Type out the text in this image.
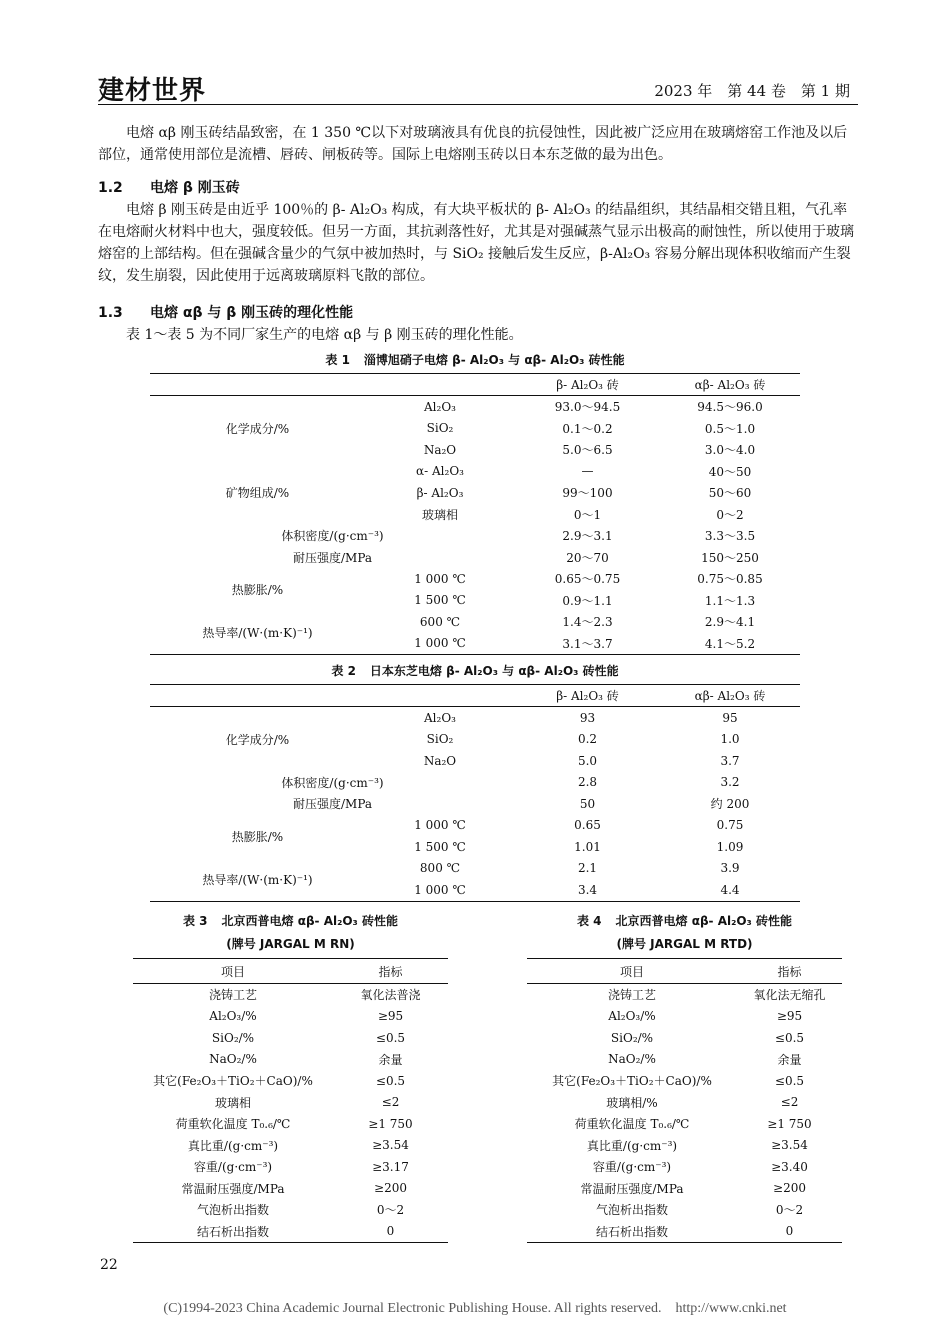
建材世界	2023 年　第 44 卷　第 1 期
电熔 αβ 刚玉砖结晶致密，在 1 350 ℃以下对玻璃液具有优良的抗侵蚀性，因此被广泛应用在玻璃熔窑工作池及以后部位，通常使用部位是流槽、唇砖、闸板砖等。国际上电熔刚玉砖以日本东芝做的最为出色。
1.2 电熔 β 刚玉砖
电熔 β 刚玉砖是由近乎 100％的 β- Al₂O₃ 构成，有大块平板状的 β- Al₂O₃ 的结晶组织，其结晶相交错且粗，气孔率在电熔耐火材料中也大，强度较低。但另一方面，其抗剥落性好，尤其是对强碱蒸气显示出极高的耐蚀性，所以使用于玻璃熔窑的上部结构。但在强碱含量少的气氛中被加热时，与 SiO₂ 接触后发生反应，β-Al₂O₃ 容易分解出现体积收缩而产生裂纹，发生崩裂，因此使用于远离玻璃原料飞散的部位。
1.3 电熔 αβ 与 β 刚玉砖的理化性能
表 1～表 5 为不同厂家生产的电熔 αβ 与 β 刚玉砖的理化性能。
表 1 淄博旭硝子电熔 β- Al₂O₃ 与 αβ- Al₂O₃ 砖性能
		β- Al₂O₃ 砖	αβ- Al₂O₃ 砖
化学成分/%	Al₂O₃	93.0～94.5	94.5～96.0
	SiO₂	0.1～0.2	0.5～1.0
	Na₂O	5.0～6.5	3.0～4.0
矿物组成/%	α- Al₂O₃	—	40～50
	β- Al₂O₃	99～100	50～60
	玻璃相	0～1	0～2
体积密度/(g·cm⁻³)		2.9～3.1	3.3～3.5
耐压强度/MPa		20～70	150～250
热膨胀/%	1 000 ℃	0.65～0.75	0.75～0.85
	1 500 ℃	0.9～1.1	1.1～1.3
热导率/(W·(m·K)⁻¹)	600 ℃	1.4～2.3	2.9～4.1
	1 000 ℃	3.1～3.7	4.1～5.2
表 2 日本东芝电熔 β- Al₂O₃ 与 αβ- Al₂O₃ 砖性能
		β- Al₂O₃ 砖	αβ- Al₂O₃ 砖
化学成分/%	Al₂O₃	93	95
	SiO₂	0.2	1.0
	Na₂O	5.0	3.7
体积密度/(g·cm⁻³)		2.8	3.2
耐压强度/MPa		50	约 200
热膨胀/%	1 000 ℃	0.65	0.75
	1 500 ℃	1.01	1.09
热导率/(W·(m·K)⁻¹)	800 ℃	2.1	3.9
	1 000 ℃	3.4	4.4
表 3 北京西普电熔 αβ- Al₂O₃ 砖性能
(牌号 JARGAL M RN)
项目	指标
浇铸工艺	氧化法普浇
Al₂O₃/%	≥95
SiO₂/%	≤0.5
NaO₂/%	余量
其它(Fe₂O₃＋TiO₂＋CaO)/%	≤0.5
玻璃相	≤2
荷重软化温度 T₀.₆/℃	≥1 750
真比重/(g·cm⁻³)	≥3.54
容重/(g·cm⁻³)	≥3.17
常温耐压强度/MPa	≥200
气泡析出指数	0～2
结石析出指数	0
表 4 北京西普电熔 αβ- Al₂O₃ 砖性能
(牌号 JARGAL M RTD)
项目	指标
浇铸工艺	氧化法无缩孔
Al₂O₃/%	≥95
SiO₂/%	≤0.5
NaO₂/%	余量
其它(Fe₂O₃＋TiO₂＋CaO)/%	≤0.5
玻璃相/%	≤2
荷重软化温度 T₀.₆/℃	≥1 750
真比重/(g·cm⁻³)	≥3.54
容重/(g·cm⁻³)	≥3.40
常温耐压强度/MPa	≥200
气泡析出指数	0～2
结石析出指数	0
22
(C)1994-2023 China Academic Journal Electronic Publishing House. All rights reserved.　http://www.cnki.net
